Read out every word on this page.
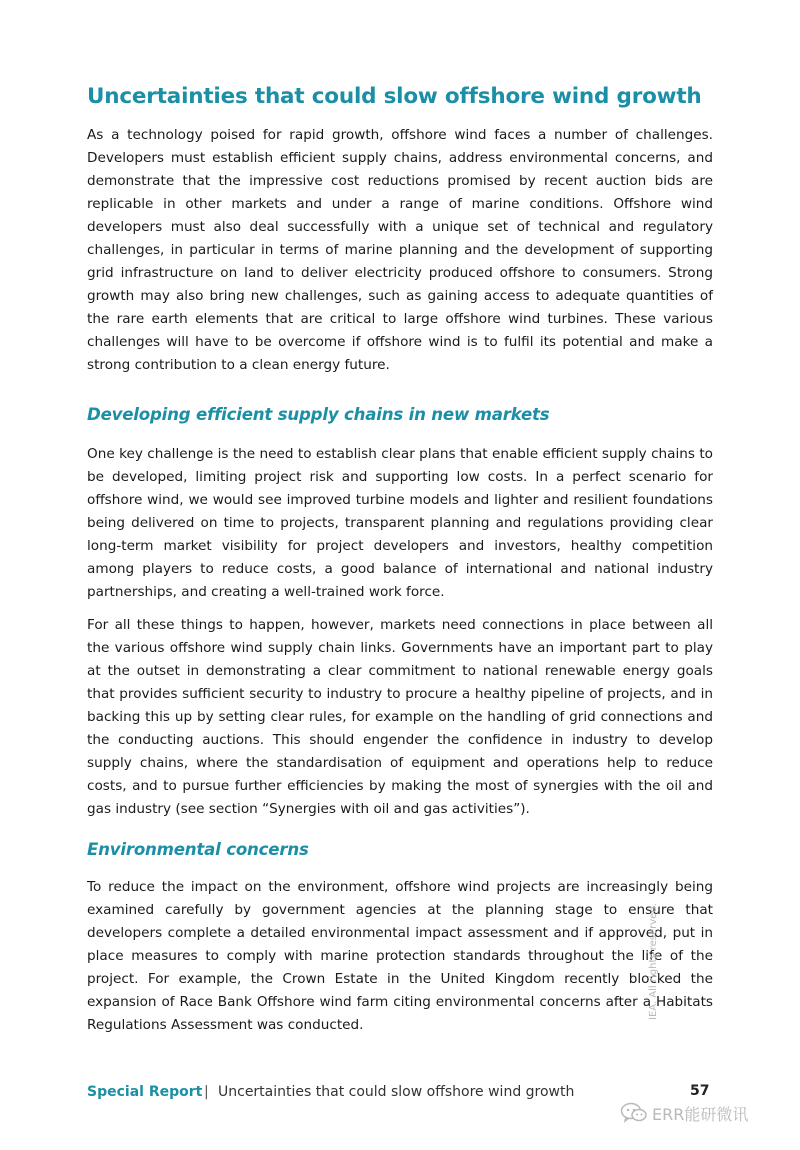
Uncertainties that could slow offshore wind growth

As a technology poised for rapid growth, offshore wind faces a number of challenges. Developers must establish efficient supply chains, address environmental concerns, and demonstrate that the impressive cost reductions promised by recent auction bids are replicable in other markets and under a range of marine conditions. Offshore wind developers must also deal successfully with a unique set of technical and regulatory challenges, in particular in terms of marine planning and the development of supporting grid infrastructure on land to deliver electricity produced offshore to consumers. Strong growth may also bring new challenges, such as gaining access to adequate quantities of the rare earth elements that are critical to large offshore wind turbines. These various challenges will have to be overcome if offshore wind is to fulfil its potential and make a strong contribution to a clean energy future.

Developing efficient supply chains in new markets

One key challenge is the need to establish clear plans that enable efficient supply chains to be developed, limiting project risk and supporting low costs. In a perfect scenario for offshore wind, we would see improved turbine models and lighter and resilient foundations being delivered on time to projects, transparent planning and regulations providing clear long-term market visibility for project developers and investors, healthy competition among players to reduce costs, a good balance of international and national industry partnerships, and creating a well-trained work force.

For all these things to happen, however, markets need connections in place between all the various offshore wind supply chain links. Governments have an important part to play at the outset in demonstrating a clear commitment to national renewable energy goals that provides sufficient security to industry to procure a healthy pipeline of projects, and in backing this up by setting clear rules, for example on the handling of grid connections and the conducting auctions. This should engender the confidence in industry to develop supply chains, where the standardisation of equipment and operations help to reduce costs, and to pursue further efficiencies by making the most of synergies with the oil and gas industry (see section “Synergies with oil and gas activities”).

Environmental concerns

To reduce the impact on the environment, offshore wind projects are increasingly being examined carefully by government agencies at the planning stage to ensure that developers complete a detailed environmental impact assessment and if approved, put in place measures to comply with marine protection standards throughout the life of the project. For example, the Crown Estate in the United Kingdom recently blocked the expansion of Race Bank Offshore wind farm citing environmental concerns after a Habitats Regulations Assessment was conducted.

Special Report | Uncertainties that could slow offshore wind growth	57
IEA. All rights reserved.
ERR能研微讯
